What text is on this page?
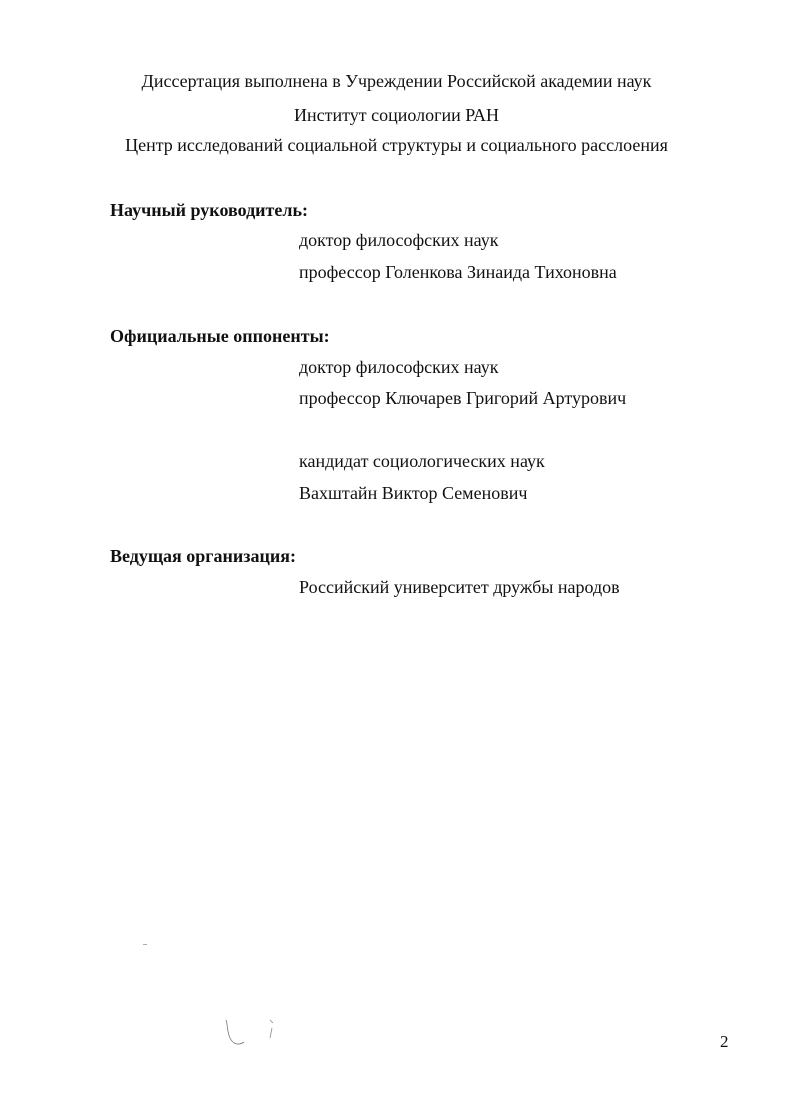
Диссертация выполнена в Учреждении Российской академии наук
Институт социологии РАН
Центр исследований социальной структуры и социального расслоения
Научный руководитель:
доктор философских наук
профессор Голенкова Зинаида Тихоновна
Официальные оппоненты:
доктор философских наук
профессор Ключарев Григорий Артурович
кандидат социологических наук
Вахштайн Виктор Семенович
Ведущая организация:
Российский университет дружбы народов
2
